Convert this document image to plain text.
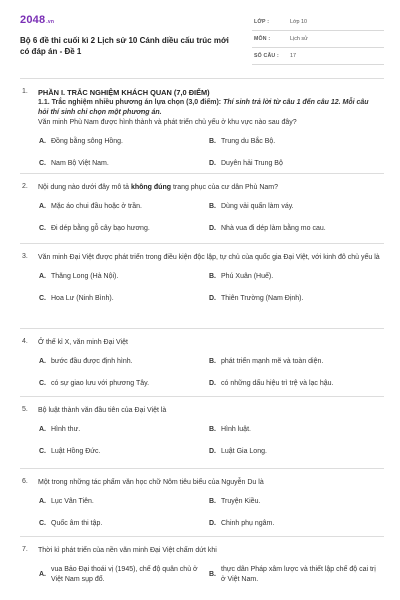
2048.vn
Bộ 6 đề thi cuối kì 2 Lịch sử 10 Cánh diều cấu trúc mới có đáp án - Đề 1
LỚP :	Lớp 10
MÔN :	Lịch sử
SỐ CÂU : 17
1. PHẦN I. TRẮC NGHIỆM KHÁCH QUAN (7,0 ĐIỂM)
1.1. Trắc nghiệm nhiều phương án lựa chọn (3,0 điểm): Thí sinh trả lời từ câu 1 đến câu 12. Mỗi câu hỏi thí sinh chỉ chọn một phương án.
Văn minh Phù Nam được hình thành và phát triển chủ yếu ở khu vực nào sau đây?
A. Đồng bằng sông Hồng.	B. Trung du Bắc Bộ.
C. Nam Bộ Việt Nam.	D. Duyên hải Trung Bộ
2. Nội dung nào dưới đây mô tả không đúng trang phục của cư dân Phù Nam?
A. Mặc áo chui đầu hoặc ở trần.	B. Dùng vải quấn làm váy.
C. Đi dép bằng gỗ cây bạo hương.	D. Nhà vua đi dép làm bằng mo cau.
3. Văn minh Đại Việt được phát triển trong điều kiện độc lập, tự chủ của quốc gia Đại Việt, với kinh đô chủ yếu là
A. Thăng Long (Hà Nội).	B. Phú Xuân (Huế).
C. Hoa Lư (Ninh Bình).	D. Thiên Trường (Nam Định).
4. Ở thế kỉ X, văn minh Đại Việt
A. bước đầu được định hình.	B. phát triển mạnh mẽ và toàn diện.
C. có sự giao lưu với phương Tây.	D. có những dấu hiệu trì trệ và lạc hậu.
5. Bộ luật thành văn đầu tiên của Đại Việt là
A. Hình thư.	B. Hình luật.
C. Luật Hồng Đức.	D. Luật Gia Long.
6. Một trong những tác phẩm văn học chữ Nôm tiêu biểu của Nguyễn Du là
A. Lục Vân Tiên.	B. Truyện Kiều.
C. Quốc âm thi tập.	D. Chinh phụ ngâm.
7. Thời kì phát triển của nền văn minh Đại Việt chấm dứt khi
A.
vua Bảo Đại thoái vị (1945), chế độ quân chủ ở Việt Nam sụp đổ.
B.
thực dân Pháp xâm lược và thiết lập chế độ cai trị ở Việt Nam.
